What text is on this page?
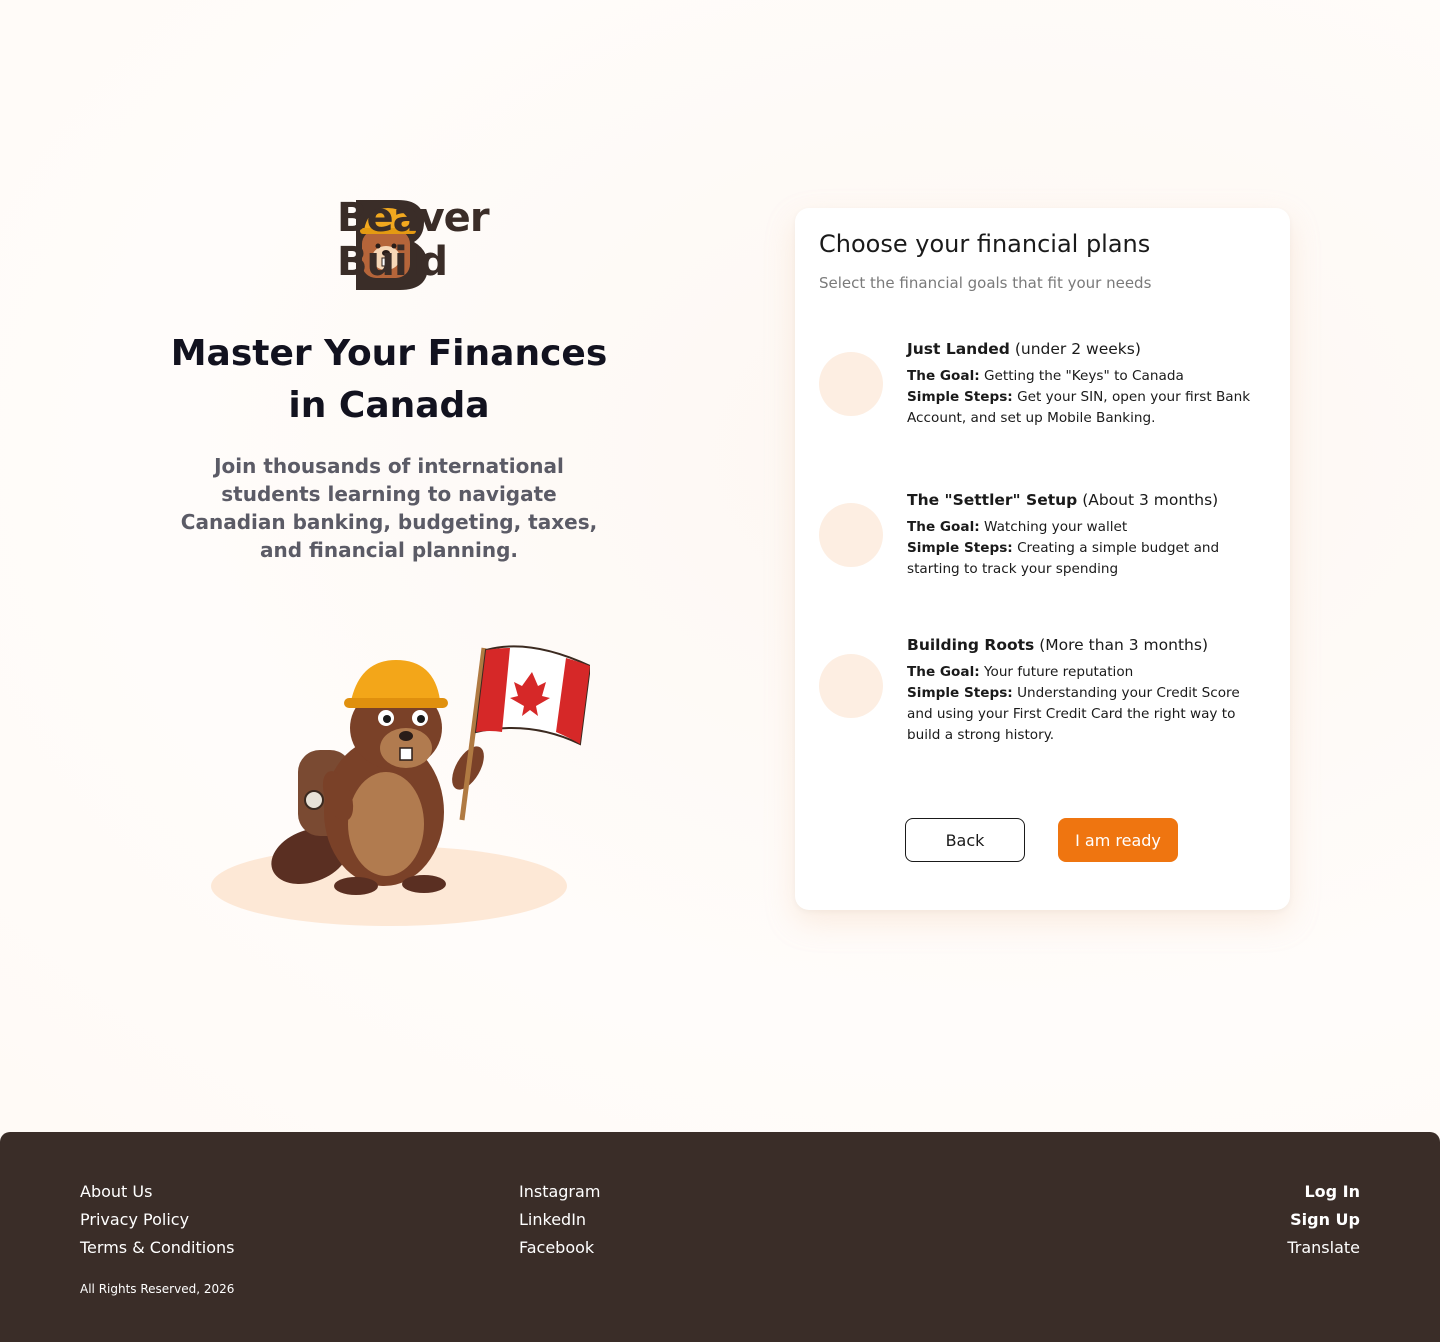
Beaver
Build
Master Your Finances
in Canada

Join thousands of international students learning to navigate Canadian banking, budgeting, taxes, and financial planning.

Choose your financial plans

Select the financial goals that fit your needs

Just Landed (under 2 weeks)
The Goal: Getting the "Keys" to Canada
Simple Steps: Get your SIN, open your first Bank Account, and set up Mobile Banking.
The "Settler" Setup (About 3 months)
The Goal: Watching your wallet
Simple Steps: Creating a simple budget and starting to track your spending
Building Roots (More than 3 months)
The Goal: Your future reputation
Simple Steps: Understanding your Credit Score and using your First Credit Card the right way to build a strong history.
Back	I am ready
About Us
Privacy Policy
Terms & Conditions
Instagram
LinkedIn
Facebook
Log In
Sign Up
Translate
All Rights Reserved, 2026
